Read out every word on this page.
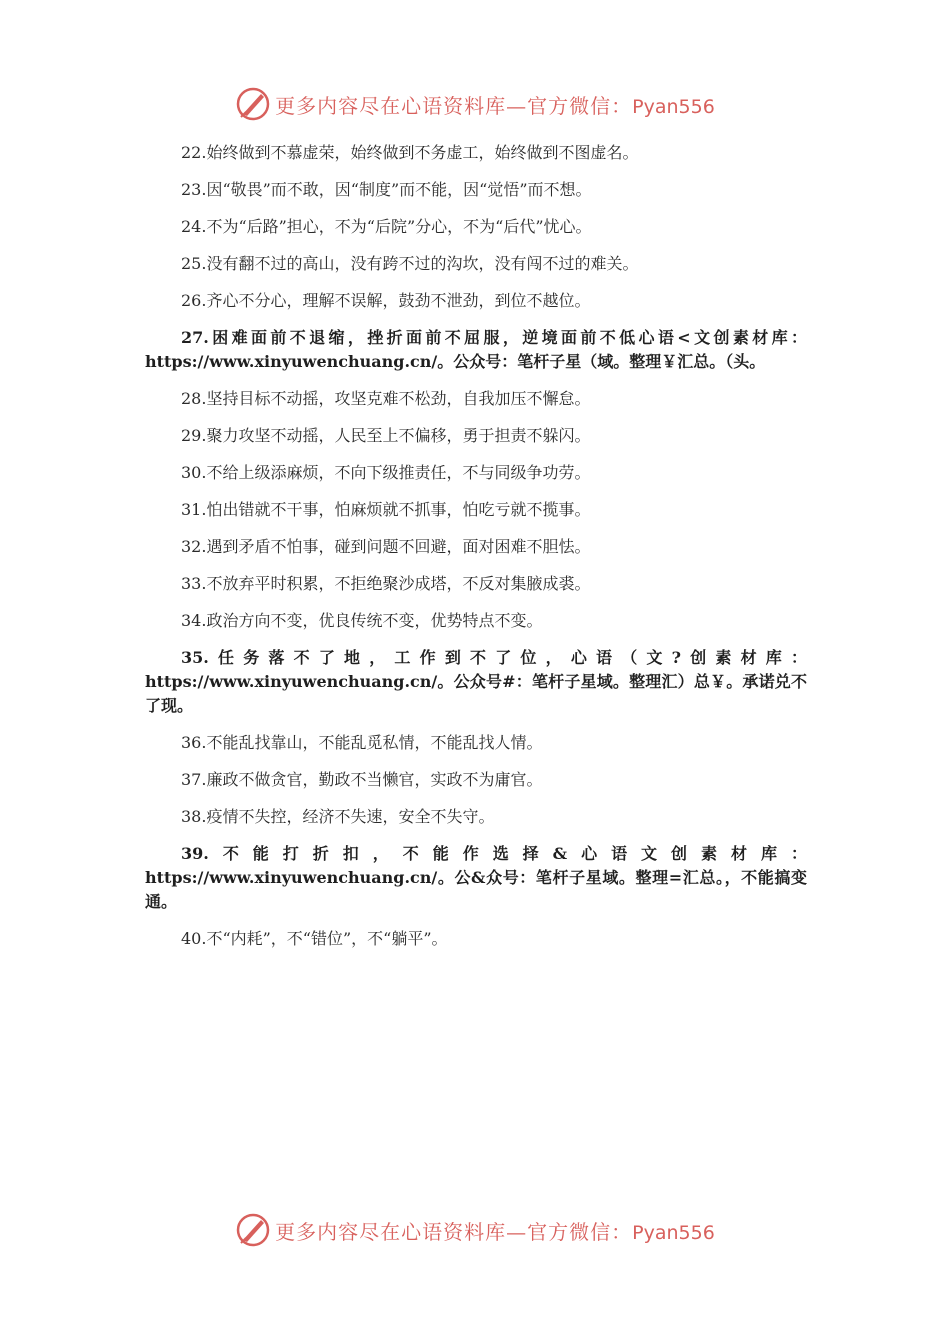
更多内容尽在心语资料库—官方微信：Pyan556

22.始终做到不慕虚荣，始终做到不务虚工，始终做到不图虚名。

23.因“敬畏”而不敢，因“制度”而不能，因“觉悟”而不想。

24.不为“后路”担心，不为“后院”分心，不为“后代”忧心。

25.没有翻不过的高山，没有跨不过的沟坎，没有闯不过的难关。

26.齐心不分心，理解不误解，鼓劲不泄劲，到位不越位。

27.困难面前不退缩，挫折面前不屈服，逆境面前不低心语<文创素材库：https://www.xinyuwenchuang.cn/。公众号：笔杆子星（域。整理￥汇总。（头。

28.坚持目标不动摇，攻坚克难不松劲，自我加压不懈怠。

29.聚力攻坚不动摇，人民至上不偏移，勇于担责不躲闪。

30.不给上级添麻烦，不向下级推责任，不与同级争功劳。

31.怕出错就不干事，怕麻烦就不抓事，怕吃亏就不揽事。

32.遇到矛盾不怕事，碰到问题不回避，面对困难不胆怯。

33.不放弃平时积累，不拒绝聚沙成塔，不反对集腋成裘。

34.政治方向不变，优良传统不变，优势特点不变。

35.任务落不了地，工作到不了位，心语（文?创素材库：https://www.xinyuwenchuang.cn/。公众号#：笔杆子星域。整理汇）总￥。承诺兑不了现。

36.不能乱找靠山，不能乱觅私情，不能乱找人情。

37.廉政不做贪官，勤政不当懒官，实政不为庸官。

38.疫情不失控，经济不失速，安全不失守。

39.不能打折扣，不能作选择&心语文创素材库：https://www.xinyuwenchuang.cn/。公&众号：笔杆子星域。整理=汇总。，不能搞变通。

40.不“内耗”，不“错位”，不“躺平”。

更多内容尽在心语资料库—官方微信：Pyan556
